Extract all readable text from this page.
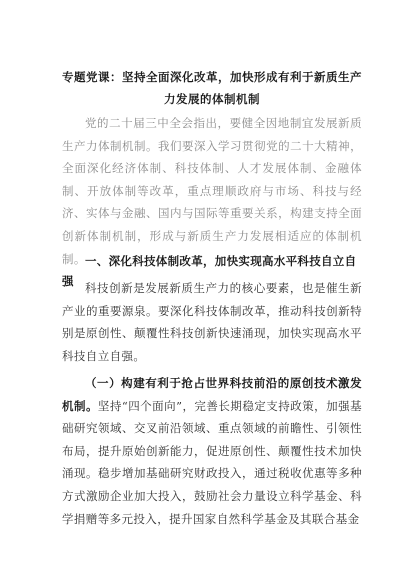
专题党课：坚持全面深化改革，加快形成有利于新质生产力发展的体制机制
党的二十届三中全会指出，要健全因地制宜发展新质生产力体制机制。我们要深入学习贯彻党的二十大精神，全面深化经济体制、科技体制、人才发展体制、金融体制、开放体制等改革，重点理顺政府与市场、科技与经济、实体与金融、国内与国际等重要关系，构建支持全面创新体制机制，形成与新质生产力发展相适应的体制机制。 一、深化科技体制改革，加快实现高水平科技自立自强 科技创新是发展新质生产力的核心要素，也是催生新产业的重要源泉。要深化科技体制改革，推动科技创新特别是原创性、颠覆性科技创新快速涌现，加快实现高水平科技自立自强。
（一）构建有利于抢占世界科技前沿的原创技术激发机制。坚持“四个面向”，完善长期稳定支持政策，加强基础研究领域、交叉前沿领域、重点领域的前瞻性、引领性布局，提升原始创新能力，促进原创性、颠覆性技术加快涌现。稳步增加基础研究财政投入，通过税收优惠等多种方式激励企业加大投入，鼓励社会力量设立科学基金、科学捐赠等多元投入，提升国家自然科学基金及其联合基金
